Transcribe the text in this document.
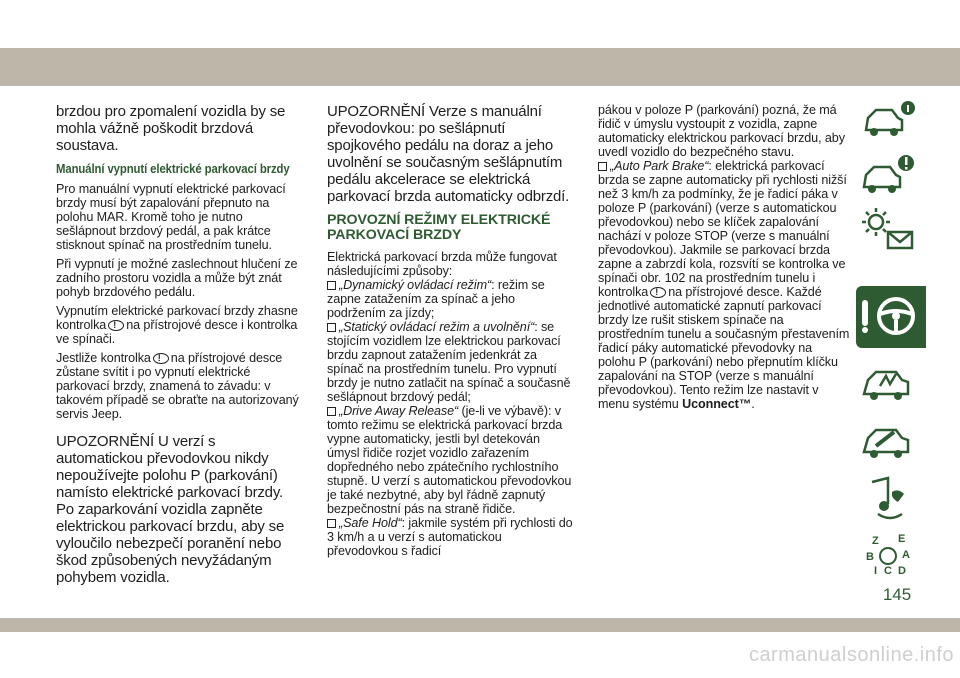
brzdou pro zpomalení vozidla by se mohla vážně poškodit brzdová soustava.

Manuální vypnutí elektrické parkovací brzdy

Pro manuální vypnutí elektrické parkovací brzdy musí být zapalování přepnuto na polohu MAR. Kromě toho je nutno sešlápnout brzdový pedál, a pak krátce stisknout spínač na prostředním tunelu.

Při vypnutí je možné zaslechnout hlučení ze zadního prostoru vozidla a může být znát pohyb brzdového pedálu.

Vypnutím elektrické parkovací brzdy zhasne kontrolka ! na přístrojové desce i kontrolka ve spínači.

Jestliže kontrolka ! na přístrojové desce zůstane svítit i po vypnutí elektrické parkovací brzdy, znamená to závadu: v takovém případě se obraťte na autorizovaný servis Jeep.

UPOZORNĚNÍ U verzí s automatickou převodovkou nikdy nepoužívejte polohu P (parkování) namísto elektrické parkovací brzdy. Po zaparkování vozidla zapněte elektrickou parkovací brzdu, aby se vyloučilo nebezpečí poranění nebo škod způsobených nevyžádaným pohybem vozidla.

UPOZORNĚNÍ Verze s manuální převodovkou: po sešlápnutí spojkového pedálu na doraz a jeho uvolnění se současným sešlápnutím pedálu akcelerace se elektrická parkovací brzda automaticky odbrzdí.

PROVOZNÍ REŽIMY ELEKTRICKÉ PARKOVACÍ BRZDY

Elektrická parkovací brzda může fungovat následujícími způsoby:
„Dynamický ovládací režim“: režim se zapne zatažením za spínač a jeho podržením za jízdy;
„Statický ovládací režim a uvolnění“: se stojícím vozidlem lze elektrickou parkovací brzdu zapnout zatažením jedenkrát za spínač na prostředním tunelu. Pro vypnutí brzdy je nutno zatlačit na spínač a současně sešlápnout brzdový pedál;
„Drive Away Release“ (je-li ve výbavě): v tomto režimu se elektrická parkovací brzda vypne automaticky, jestli byl detekován úmysl řidiče rozjet vozidlo zařazením dopředného nebo zpátečního rychlostního stupně. U verzí s automatickou převodovkou je také nezbytné, aby byl řádně zapnutý bezpečnostní pás na straně řidiče.
„Safe Hold“: jakmile systém při rychlosti do 3 km/h a u verzí s automatickou převodovkou s řadicí

pákou v poloze P (parkování) pozná, že má řidič v úmyslu vystoupit z vozidla, zapne automaticky elektrickou parkovací brzdu, aby uvedl vozidlo do bezpečného stavu.
„Auto Park Brake“: elektrická parkovací brzda se zapne automaticky při rychlosti nižší než 3 km/h za podmínky, že je řadicí páka v poloze P (parkování) (verze s automatickou převodovkou) nebo se klíček zapalování nachází v poloze STOP (verze s manuální převodovkou). Jakmile se parkovací brzda zapne a zabrzdí kola, rozsvítí se kontrolka ve spínači obr. 102 na prostředním tunelu i kontrolka ! na přístrojové desce. Každé jednotlivé automatické zapnutí parkovací brzdy lze rušit stiskem spínače na prostředním tunelu a současným přestavením řadicí páky automatické převodovky na polohu P (parkování) nebo přepnutím klíčku zapalování na STOP (verze s manuální převodovkou). Tento režim lze nastavit v menu systému Uconnect™.

Z E
B	A
I C D
145
carmanualsonline.info
